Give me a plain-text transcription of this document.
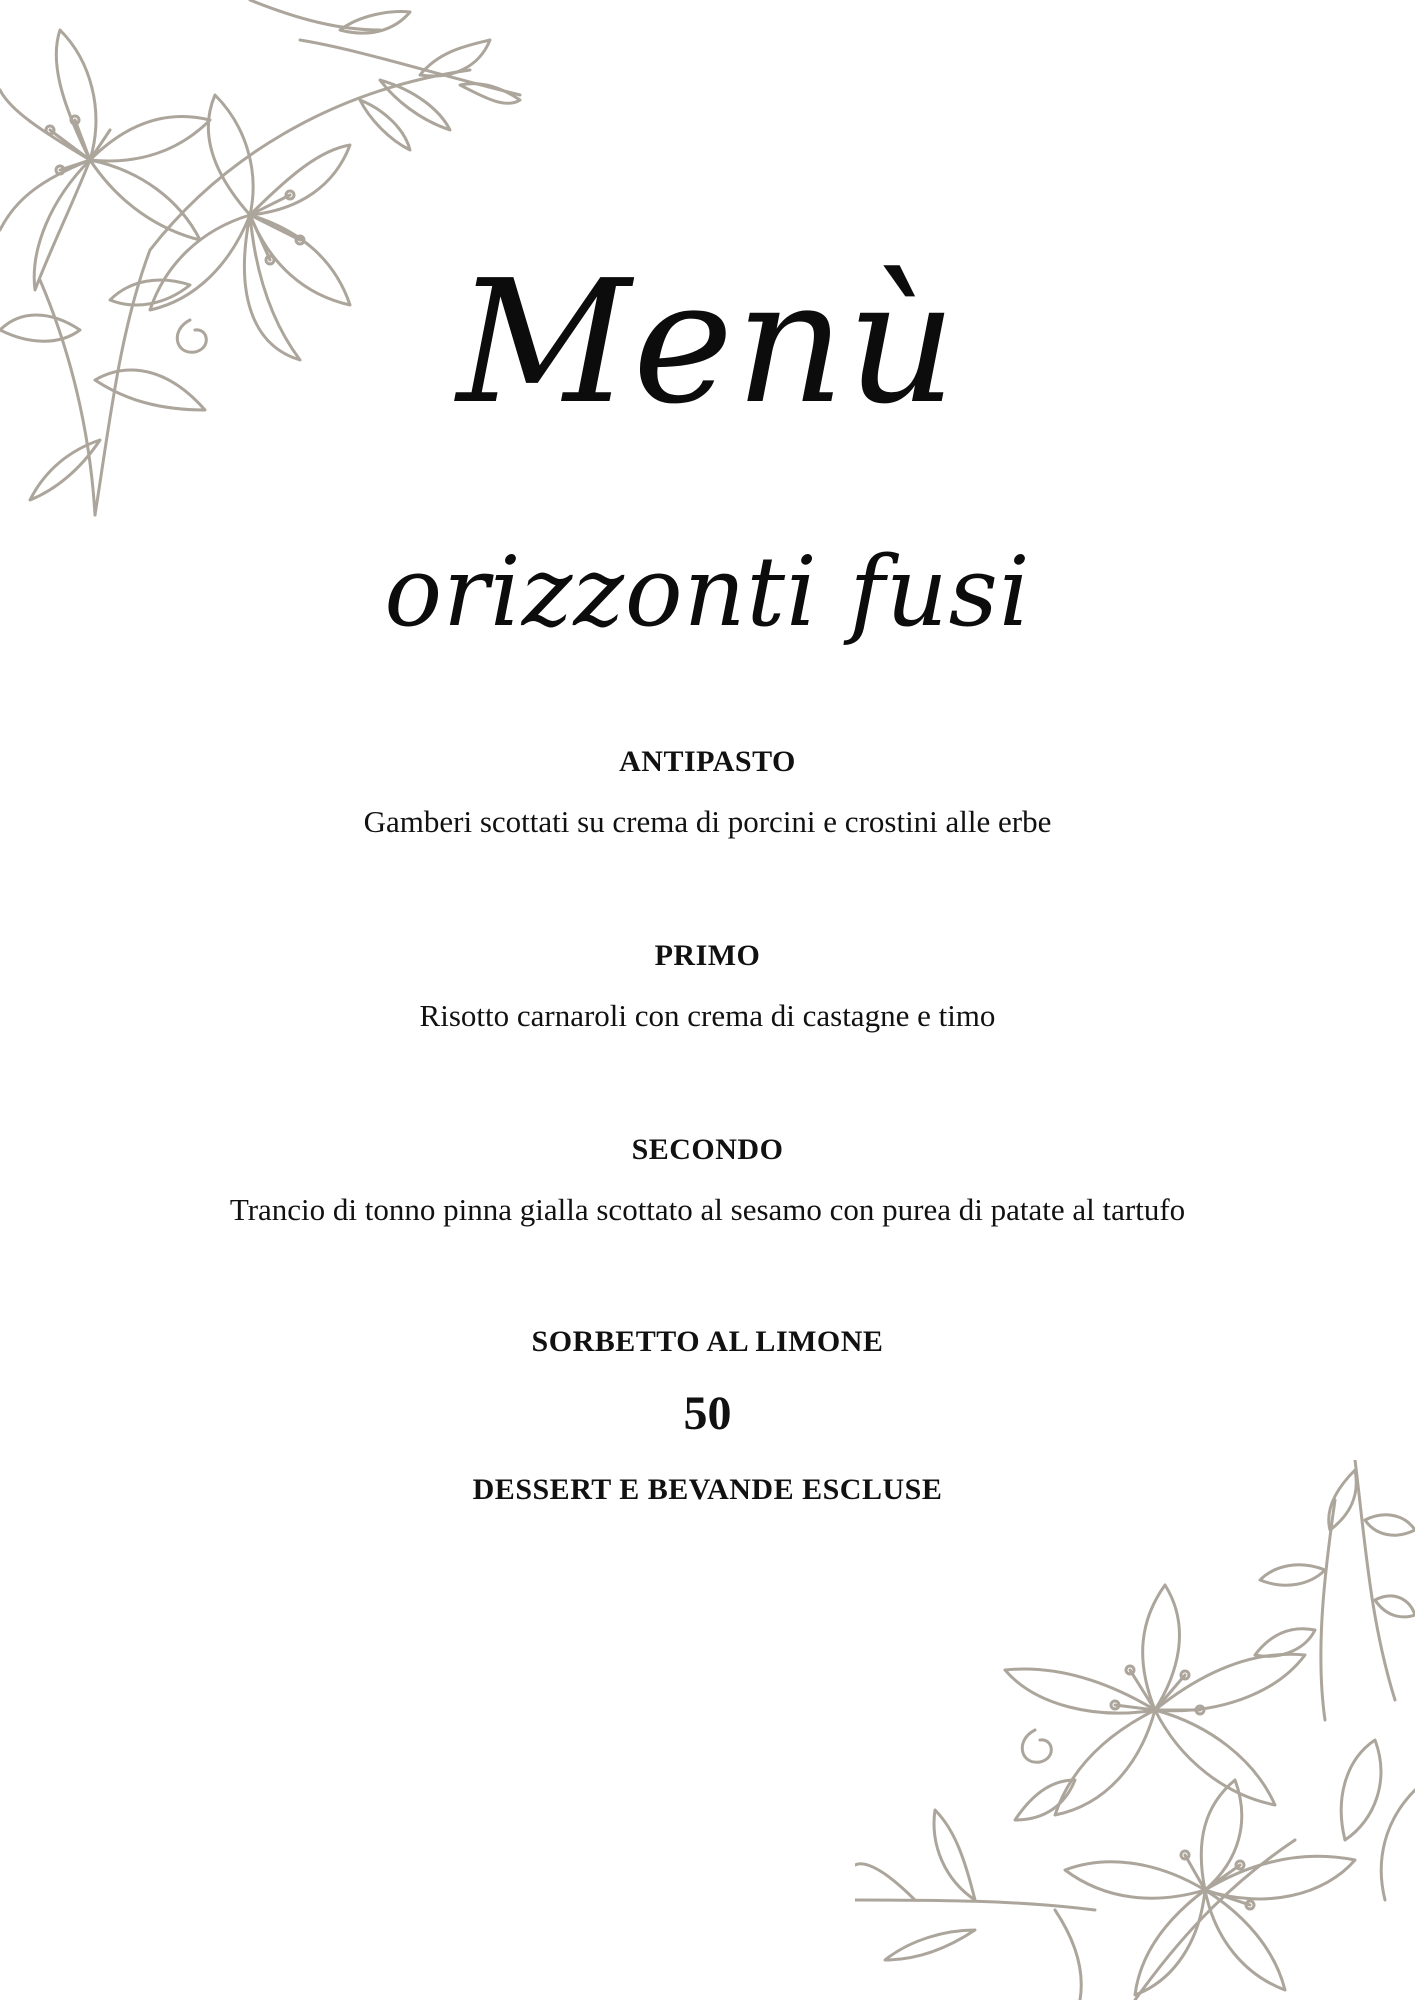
Menù
orizzonti fusi

ANTIPASTO

Gamberi scottati su crema di porcini e crostini alle erbe

PRIMO

Risotto carnaroli con crema di castagne e timo

SECONDO

Trancio di tonno pinna gialla scottato al sesamo con purea di patate al tartufo

SORBETTO AL LIMONE

50

DESSERT E BEVANDE ESCLUSE
